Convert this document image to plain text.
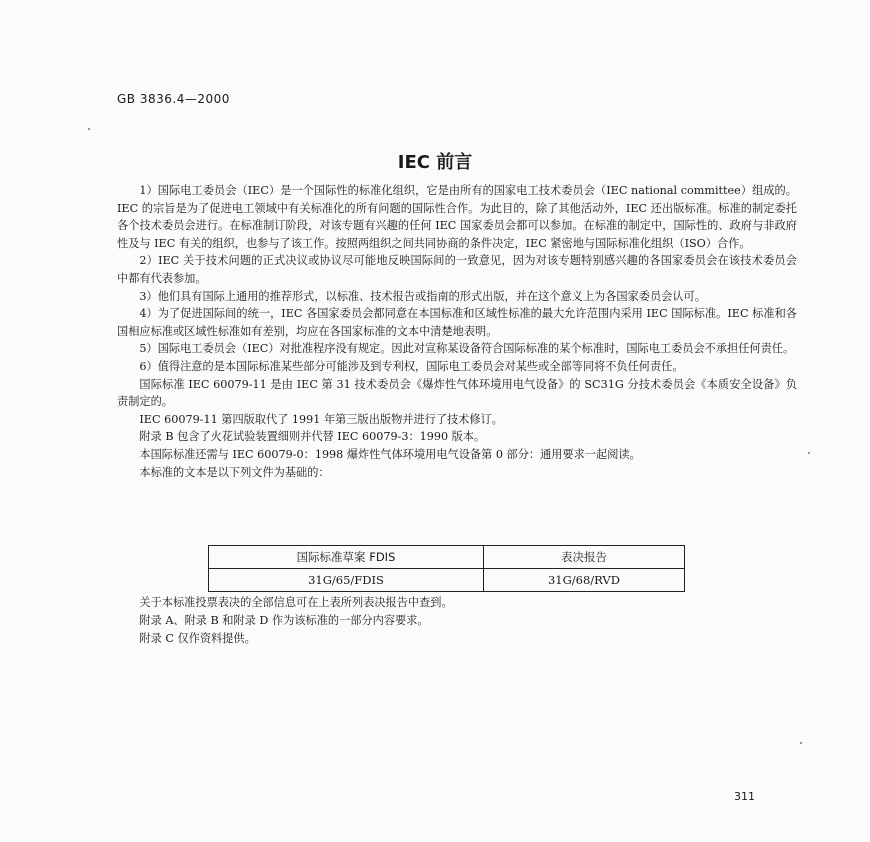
GB 3836.4—2000
IEC 前言

1）国际电工委员会（IEC）是一个国际性的标准化组织，它是由所有的国家电工技术委员会（IEC national committee）组成的。IEC 的宗旨是为了促进电工领域中有关标准化的所有问题的国际性合作。为此目的，除了其他活动外，IEC 还出版标准。标准的制定委托各个技术委员会进行。在标准制订阶段，对该专题有兴趣的任何 IEC 国家委员会都可以参加。在标准的制定中，国际性的、政府与非政府性及与 IEC 有关的组织，也参与了该工作。按照两组织之间共同协商的条件决定，IEC 紧密地与国际标准化组织（ISO）合作。

2）IEC 关于技术问题的正式决议或协议尽可能地反映国际间的一致意见，因为对该专题特别感兴趣的各国家委员会在该技术委员会中都有代表参加。

3）他们具有国际上通用的推荐形式，以标准、技术报告或指南的形式出版，并在这个意义上为各国家委员会认可。

4）为了促进国际间的统一，IEC 各国家委员会都同意在本国标准和区域性标准的最大允许范围内采用 IEC 国际标准。IEC 标准和各国相应标准或区域性标准如有差别，均应在各国家标准的文本中清楚地表明。

5）国际电工委员会（IEC）对批准程序没有规定。因此对宣称某设备符合国际标准的某个标准时，国际电工委员会不承担任何责任。

6）值得注意的是本国际标准某些部分可能涉及到专利权，国际电工委员会对某些或全部等同将不负任何责任。

国际标准 IEC 60079-11 是由 IEC 第 31 技术委员会《爆炸性气体环境用电气设备》的 SC31G 分技术委员会《本质安全设备》负责制定的。

IEC 60079-11 第四版取代了 1991 年第三版出版物并进行了技术修订。

附录 B 包含了火花试验装置细则并代替 IEC 60079-3：1990 版本。

本国际标准还需与 IEC 60079-0：1998 爆炸性气体环境用电气设备第 0 部分：通用要求一起阅读。

本标准的文本是以下列文件为基础的：

国际标准草案 FDIS	表决报告
31G/65/FDIS	31G/68/RVD

关于本标准投票表决的全部信息可在上表所列表决报告中查到。

附录 A、附录 B 和附录 D 作为该标准的一部分内容要求。

附录 C 仅作资料提供。

311
